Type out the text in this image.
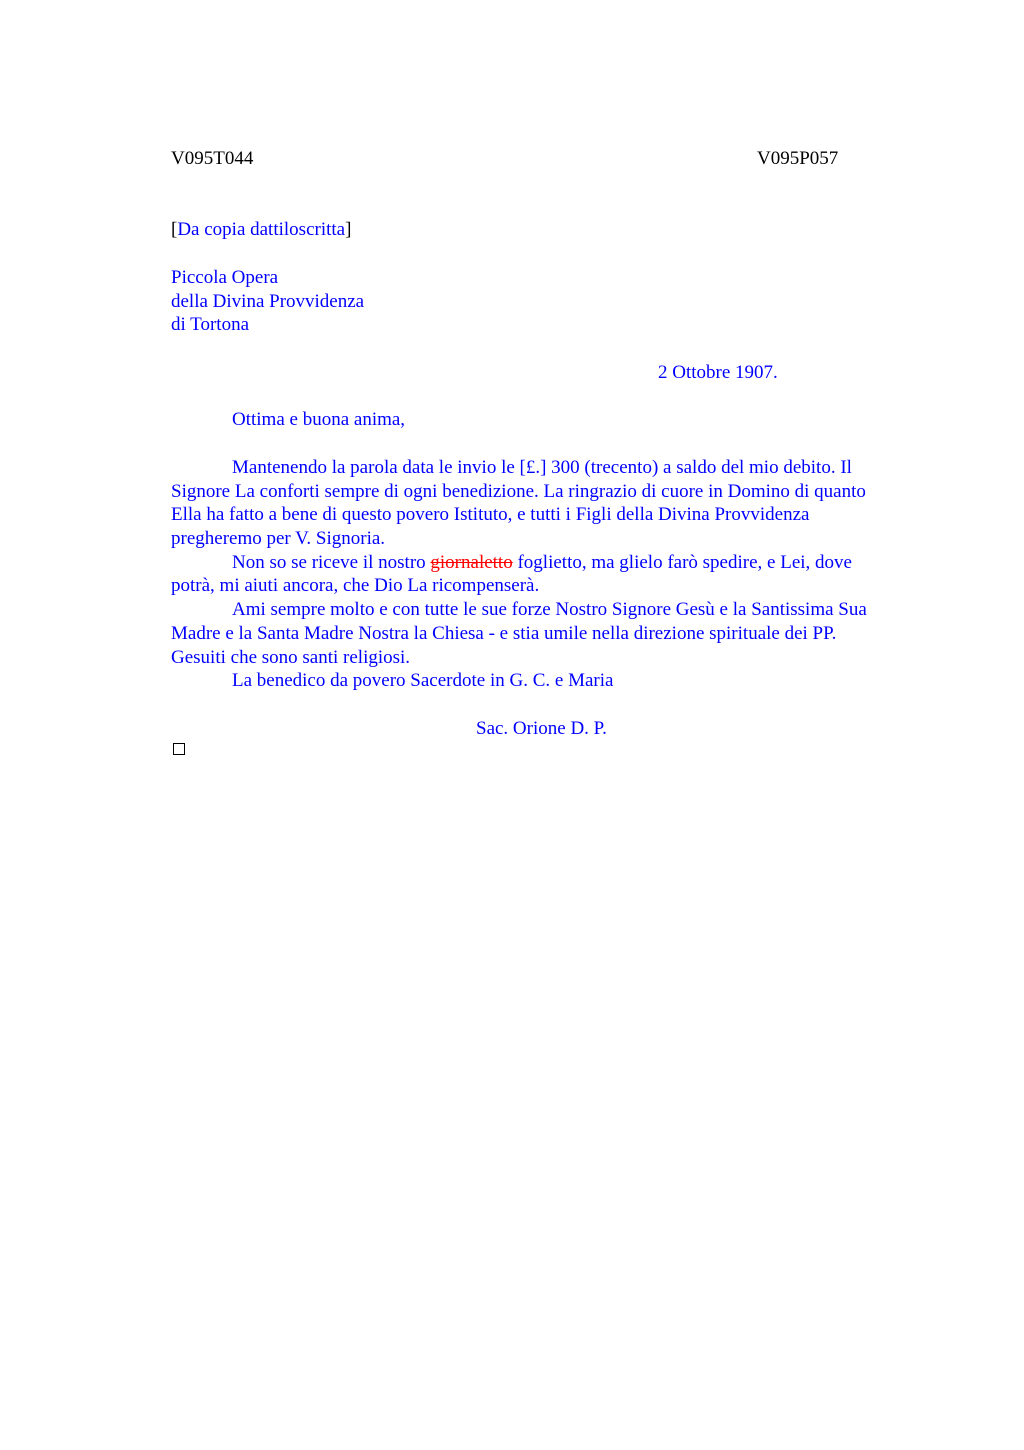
V095T044	V095P057
[Da copia dattiloscritta]
Piccola Opera
della Divina Provvidenza
di Tortona
2 Ottobre 1907.
Ottima e buona anima,
Mantenendo la parola data le invio le [£.] 300 (trecento) a saldo del mio debito. Il
Signore La conforti sempre di ogni benedizione. La ringrazio di cuore in Domino di quanto
Ella ha fatto a bene di questo povero Istituto, e tutti i Figli della Divina Provvidenza
pregheremo per V. Signoria.
Non so se riceve il nostro giornaletto foglietto, ma glielo farò spedire, e Lei, dove
potrà, mi aiuti ancora, che Dio La ricompenserà.
Ami sempre molto e con tutte le sue forze Nostro Signore Gesù e la Santissima Sua
Madre e la Santa Madre Nostra la Chiesa - e stia umile nella direzione spirituale dei PP.
Gesuiti che sono santi religiosi.
La benedico da povero Sacerdote in G. C. e Maria
Sac. Orione D. P.
